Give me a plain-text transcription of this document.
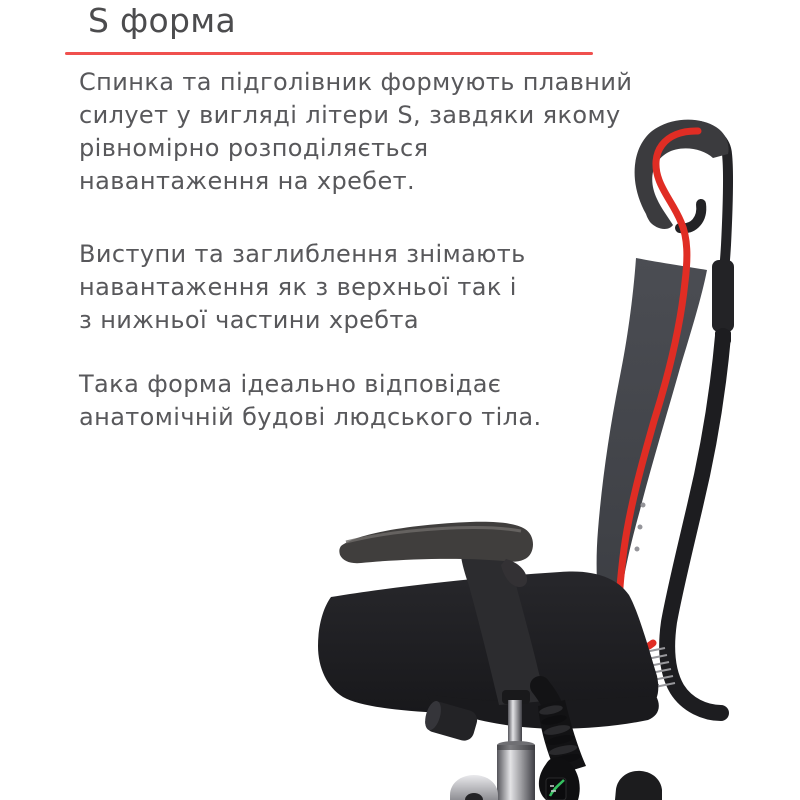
S форма

Спинка та підголівник формують плавний
силует у вигляді літери S, завдяки якому
рівномірно розподіляється
навантаження на хребет.

Виступи та заглиблення знімають
навантаження як з верхньої так і
з нижньої частини хребта

Така форма ідеально відповідає
анатомічній будові людського тіла.
